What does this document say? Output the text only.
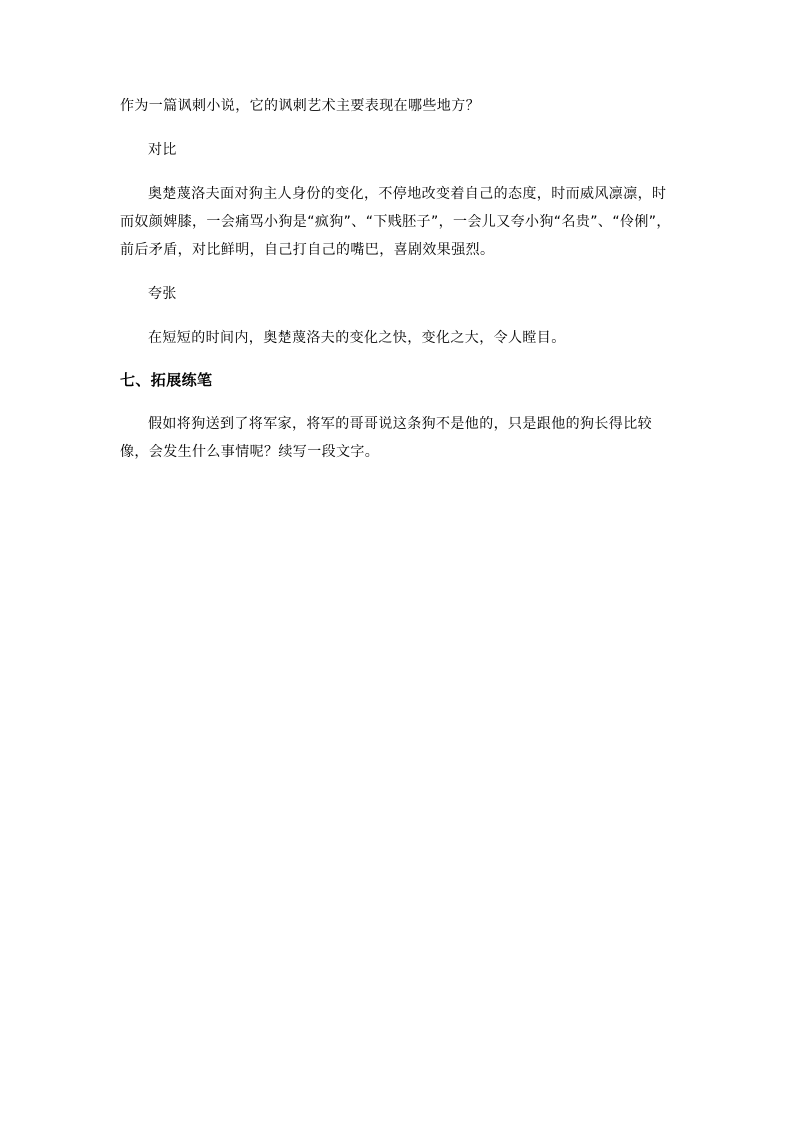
作为一篇讽刺小说，它的讽刺艺术主要表现在哪些地方？

对比

奥楚蔑洛夫面对狗主人身份的变化，不停地改变着自己的态度，时而威风凛凛，时而奴颜婢膝，一会痛骂小狗是“疯狗”、“下贱胚子”，一会儿又夸小狗“名贵”、“伶俐”，前后矛盾，对比鲜明，自己打自己的嘴巴，喜剧效果强烈。

夸张

在短短的时间内，奥楚蔑洛夫的变化之快，变化之大，令人瞠目。

七、拓展练笔

假如将狗送到了将军家，将军的哥哥说这条狗不是他的，只是跟他的狗长得比较像，会发生什么事情呢？续写一段文字。
